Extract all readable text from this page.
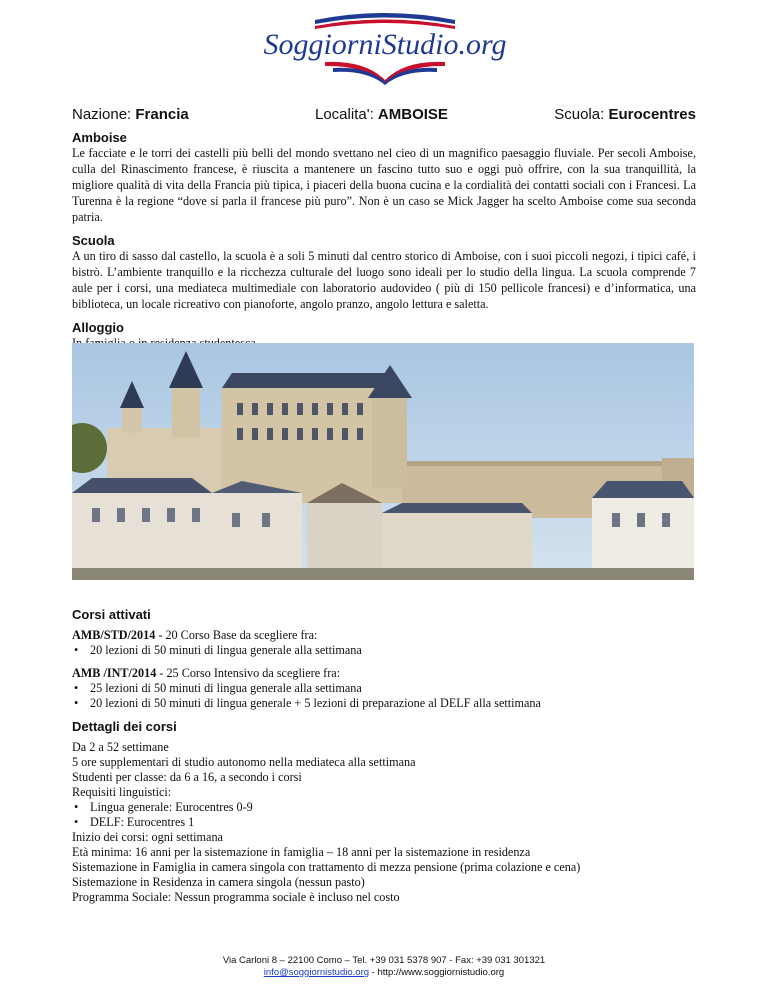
SoggiorniStudio.org
Nazione: Francia	Localita': AMBOISE	Scuola: Eurocentres
Amboise

Le facciate e le torri dei castelli più belli del mondo svettano nel cieo di un magnifico paesaggio fluviale. Per secoli Amboise, culla del Rinascimento francese, è riuscita a mantenere un fascino tutto suo e oggi può offrire, con la sua tranquillità, la migliore qualità di vita della Francia più tipica, i piaceri della buona cucina e la cordialità dei contatti sociali con i Francesi. La Turenna è la regione “dove si parla il francese più puro”. Non è un caso se Mick Jagger ha scelto Amboise come sua seconda patria.

Scuola

A un tiro di sasso dal castello, la scuola è a soli 5 minuti dal centro storico di Amboise, con i suoi piccoli negozi, i tipici café, i bistrò. L’ambiente tranquillo e la ricchezza culturale del luogo sono ideali per lo studio della lingua. La scuola comprende 7 aule per i corsi, una mediateca multimediale con laboratorio audovideo ( più di 150 pellicole francesi) e d’informatica, una biblioteca, un locale ricreativo con pianoforte, angolo pranzo, angolo lettura e saletta.

Alloggio

Corsi attivati
AMB/STD/2014 - 20 Corso Base da scegliere fra:
• 20 lezioni di 50 minuti di lingua generale alla settimana
AMB /INT/2014 - 25 Corso Intensivo da scegliere fra:
• 25 lezioni di 50 minuti di lingua generale alla settimana
• 20 lezioni di 50 minuti di lingua generale + 5 lezioni di preparazione al DELF alla settimana
Dettagli dei corsi
Da 2 a 52 settimane
5 ore supplementari di studio autonomo nella mediateca alla settimana
Studenti per classe: da 6 a 16, a secondo i corsi
Requisiti linguistici:
• Lingua generale: Eurocentres 0-9
• DELF: Eurocentres 1
Inizio dei corsi: ogni settimana
Età minima: 16 anni per la sistemazione in famiglia – 18 anni per la sistemazione in residenza
Sistemazione in Famiglia in camera singola con trattamento di mezza pensione (prima colazione e cena)
Sistemazione in Residenza in camera singola (nessun pasto)
Programma Sociale: Nessun programma sociale è incluso nel costo
Via Carloni 8 – 22100 Como – Tel. +39 031 5378 907 - Fax: +39 031 301321
info@soggiornistudio.org - http://www.soggiornistudio.org
